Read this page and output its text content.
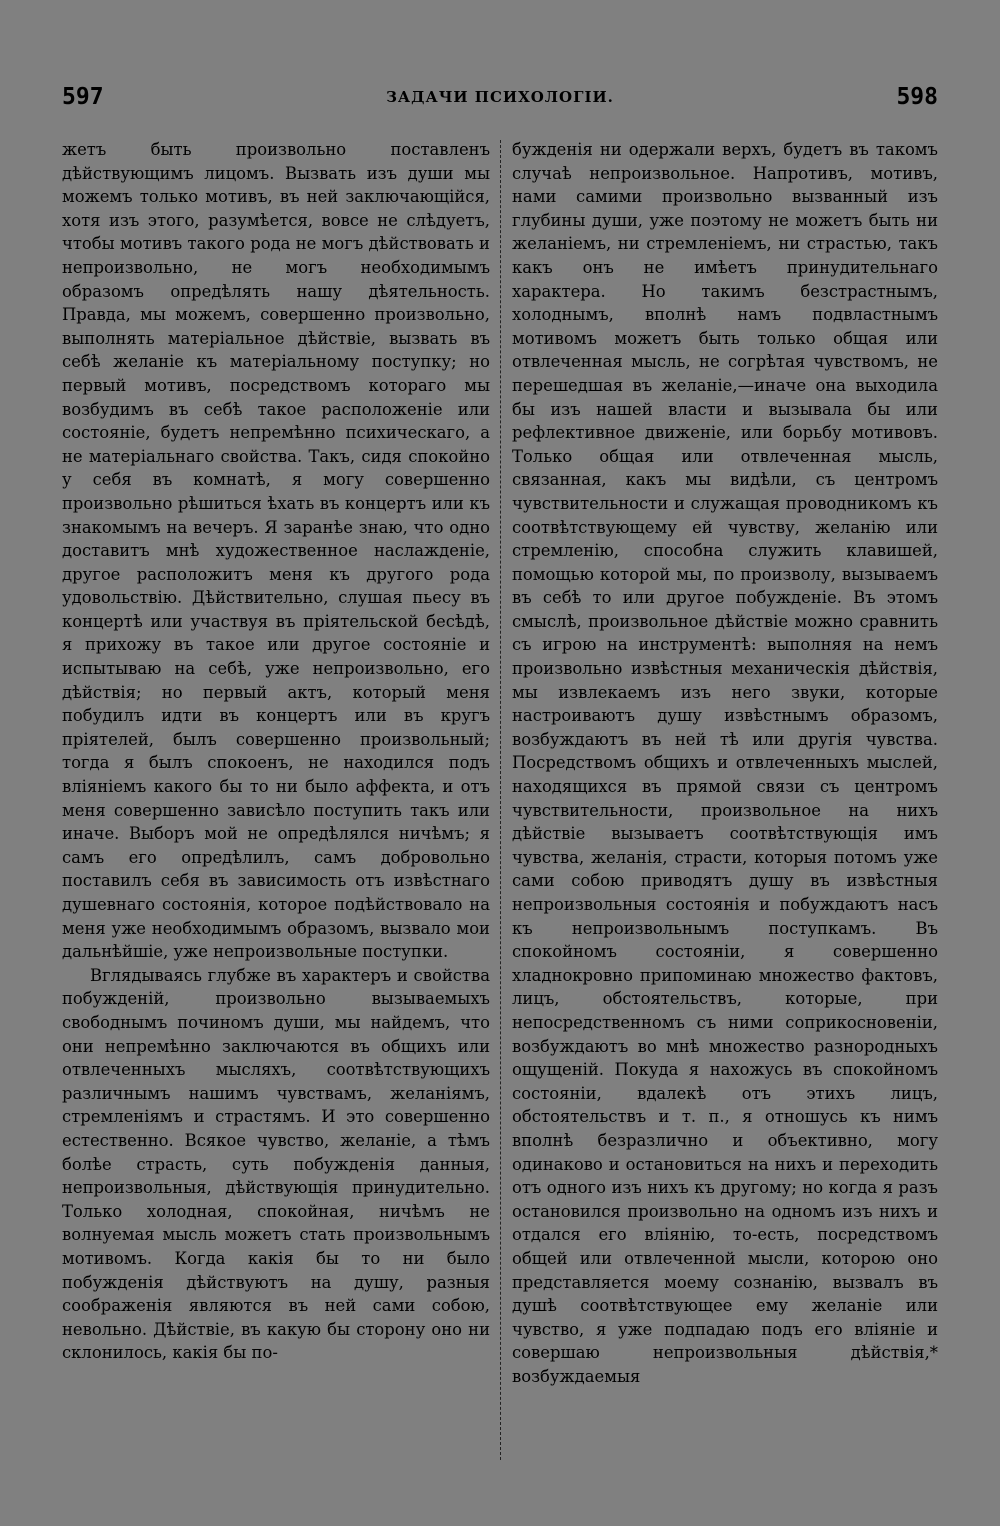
597	ЗАДАЧИ ПСИХОЛОГІИ.	598

жетъ быть произвольно поставленъ дѣйствующимъ лицомъ. Вызвать изъ души мы можемъ только мотивъ, въ ней заключающійся, хотя изъ этого, разумѣется, вовсе не слѣдуетъ, чтобы мотивъ такого рода не могъ дѣйствовать и непроизвольно, не могъ необходимымъ образомъ опредѣлять нашу дѣятельность. Правда, мы можемъ, совершенно произвольно, выполнять матеріальное дѣйствіе, вызвать въ себѣ желаніе къ матеріальному поступку; но первый мотивъ, посредствомъ котораго мы возбудимъ въ себѣ такое расположеніе или состояніе, будетъ непремѣнно психическаго, а не матеріальнаго свойства. Такъ, сидя спокойно у себя въ комнатѣ, я могу совершенно произвольно рѣшиться ѣхать въ концертъ или къ знакомымъ на вечеръ. Я заранѣе знаю, что одно доставитъ мнѣ художественное наслажденіе, другое расположитъ меня къ другого рода удовольствію. Дѣйствительно, слушая пьесу въ концертѣ или участвуя въ пріятельской бесѣдѣ, я прихожу въ такое или другое состояніе и испытываю на себѣ, уже непроизвольно, его дѣйствія; но первый актъ, который меня побудилъ идти въ концертъ или въ кругъ пріятелей, былъ совершенно произвольный; тогда я былъ спокоенъ, не находился подъ вліяніемъ какого бы то ни было аффекта, и отъ меня совершенно зависѣло поступить такъ или иначе. Выборъ мой не опредѣлялся ничѣмъ; я самъ его опредѣлилъ, самъ добровольно поставилъ себя въ зависимость отъ извѣстнаго душевнаго состоянія, которое подѣйствовало на меня уже необходимымъ образомъ, вызвало мои дальнѣйшіе, уже непроизвольные поступки.

Вглядываясь глубже въ характеръ и свойства побужденій, произвольно вызываемыхъ свободнымъ починомъ души, мы найдемъ, что они непремѣнно заключаются въ общихъ или отвлеченныхъ мысляхъ, соотвѣтствующихъ различнымъ нашимъ чувствамъ, желаніямъ, стремленіямъ и страстямъ. И это совершенно естественно. Всякое чувство, желаніе, а тѣмъ болѣе страсть, суть побужденія данныя, непроизвольныя, дѣйствующія принудительно. Только холодная, спокойная, ничѣмъ не волнуемая мысль можетъ стать произвольнымъ мотивомъ. Когда какія бы то ни было побужденія дѣйствуютъ на душу, разныя соображенія являются въ ней сами собою, невольно. Дѣйствіе, въ какую бы сторону оно ни склонилось, какія бы по-

бужденія ни одержали верхъ, будетъ въ такомъ случаѣ непроизвольное. Напротивъ, мотивъ, нами самими произвольно вызванный изъ глубины души, уже поэтому не можетъ быть ни желаніемъ, ни стремленіемъ, ни страстью, такъ какъ онъ не имѣетъ принудительнаго характера. Но такимъ безстрастнымъ, холоднымъ, вполнѣ намъ подвластнымъ мотивомъ можетъ быть только общая или отвлеченная мысль, не согрѣтая чувствомъ, не перешедшая въ желаніе,—иначе она выходила бы изъ нашей власти и вызывала бы или рефлективное движеніе, или борьбу мотивовъ. Только общая или отвлеченная мысль, связанная, какъ мы видѣли, съ центромъ чувствительности и служащая проводникомъ къ соотвѣтствующему ей чувству, желанію или стремленію, способна служить клавишей, помощью которой мы, по произволу, вызываемъ въ себѣ то или другое побужденіе. Въ этомъ смыслѣ, произвольное дѣйствіе можно сравнить съ игрою на инструментѣ: выполняя на немъ произвольно извѣстныя механическія дѣйствія, мы извлекаемъ изъ него звуки, которые настроиваютъ душу извѣстнымъ образомъ, возбуждаютъ въ ней тѣ или другія чувства. Посредствомъ общихъ и отвлеченныхъ мыслей, находящихся въ прямой связи съ центромъ чувствительности, произвольное на нихъ дѣйствіе вызываетъ соотвѣтствующія имъ чувства, желанія, страсти, которыя потомъ уже сами собою приводятъ душу въ извѣстныя непроизвольныя состоянія и побуждаютъ насъ къ непроизвольнымъ поступкамъ. Въ спокойномъ состояніи, я совершенно хладнокровно припоминаю множество фактовъ, лицъ, обстоятельствъ, которые, при непосредственномъ съ ними соприкосновеніи, возбуждаютъ во мнѣ множество разнородныхъ ощущеній. Покуда я нахожусь въ спокойномъ состояніи, вдалекѣ отъ этихъ лицъ, обстоятельствъ и т. п., я отношусь къ нимъ вполнѣ безразлично и объективно, могу одинаково и остановиться на нихъ и переходить отъ одного изъ нихъ къ другому; но когда я разъ остановился произвольно на одномъ изъ нихъ и отдался его вліянію, то-есть, посредствомъ общей или отвлеченной мысли, которою оно представляется моему сознанію, вызвалъ въ душѣ соотвѣтствующее ему желаніе или чувство, я уже подпадаю подъ его вліяніе и совершаю непроизвольныя дѣйствія,* возбуждаемыя
